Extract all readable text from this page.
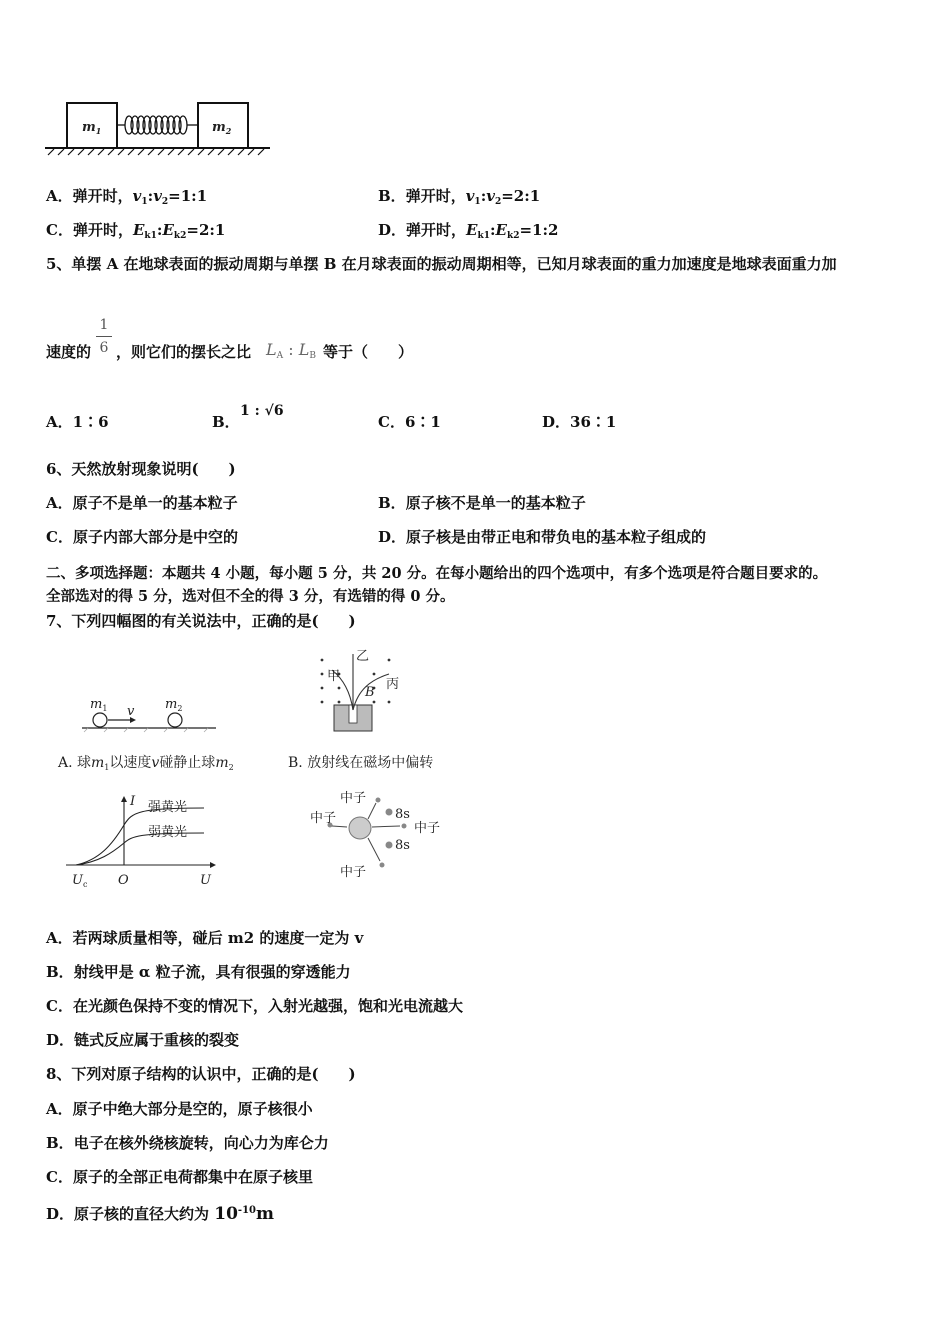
$m_1$	$m_2$
A．弹开时，$v_1:v_2=1:1$	B．弹开时，$v_1:v_2=2:1$
C．弹开时，$E_{k1}:E_{k2}=2:1$	D．弹开时，$E_{k1}:E_{k2}=1:2$
5、单摆 A 在地球表面的振动周期与单摆 B 在月球表面的振动周期相等，已知月球表面的重力加速度是地球表面重力加
速度的
1
6 ，则它们的摆长之比 $L_A$ : $L_B$ 等于（　　）
A．1∶6	B．
1 : √6
C．6∶1	D．36∶1
6、天然放射现象说明(　　)
A．原子不是单一的基本粒子	B．原子核不是单一的基本粒子
C．原子内部大部分是中空的	D．原子核是由带正电和带负电的基本粒子组成的
二、多项选择题：本题共 4 小题，每小题 5 分，共 20 分。在每小题给出的四个选项中，有多个选项是符合题目要求的。
全部选对的得 5 分，选对但不全的得 3 分，有选错的得 0 分。
7、下列四幅图的有关说法中，正确的是(　　)
$m_1$	$m_2$
v
A. 球$m_1$以速度v碰静止球$m_2$
甲
乙
丙
B
B. 放射线在磁场中偏转
I 强黄光
弱黄光
$U_c$ O	U
中子
中子
中子
中子
8s
8s
A．若两球质量相等，碰后 m2 的速度一定为 v
B．射线甲是 α 粒子流，具有很强的穿透能力
C．在光颜色保持不变的情况下，入射光越强，饱和光电流越大
D．链式反应属于重核的裂变
8、下列对原子结构的认识中，正确的是(　　)
A．原子中绝大部分是空的，原子核很小
B．电子在核外绕核旋转，向心力为库仑力
C．原子的全部正电荷都集中在原子核里
D．原子核的直径大约为 $10^{-10}m$
